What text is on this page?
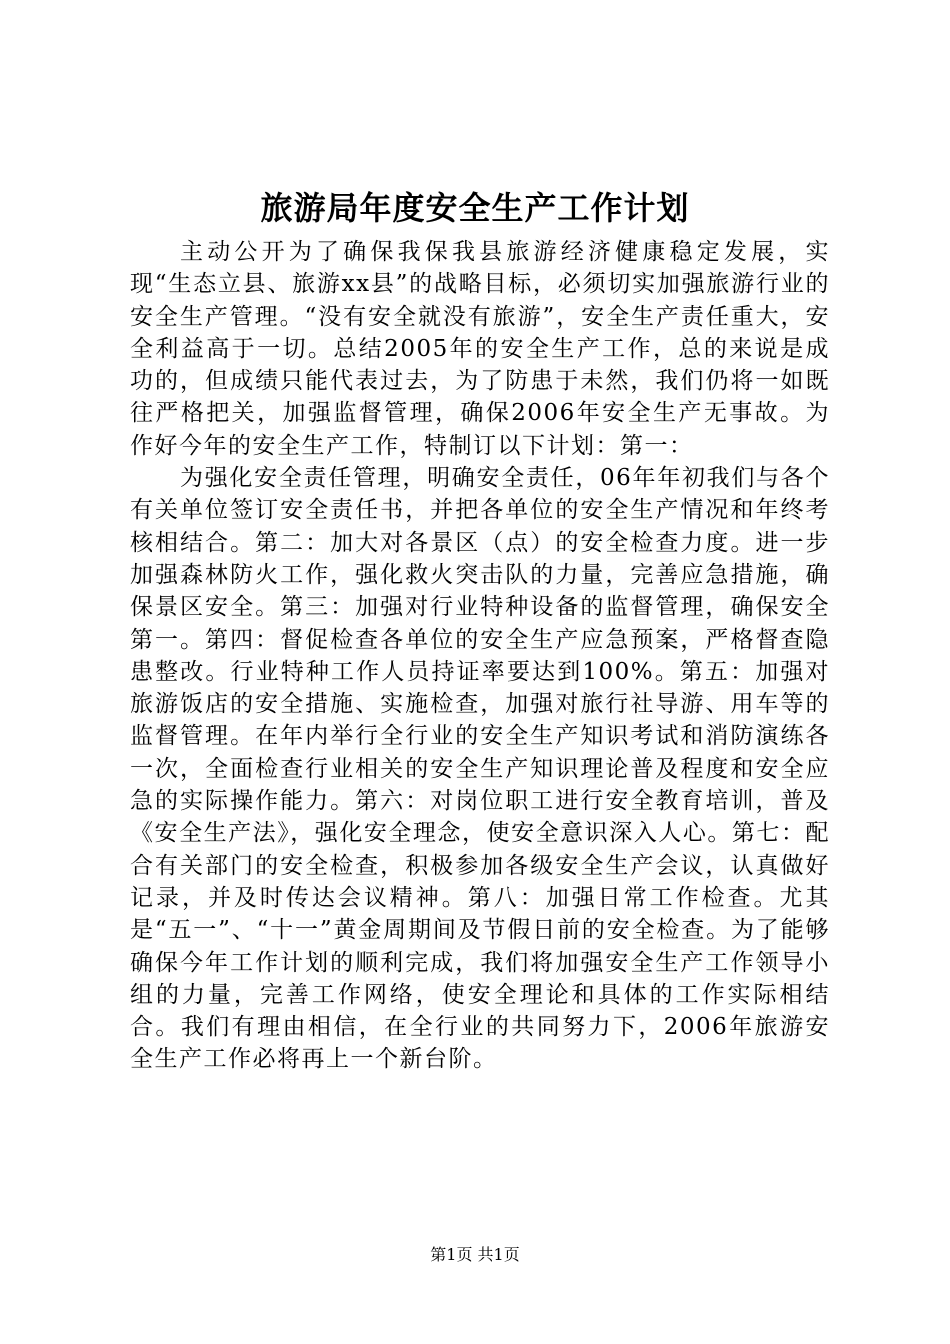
旅游局年度安全生产工作计划

主动公开为了确保我保我县旅游经济健康稳定发展，实现“生态立县、旅游xx县”的战略目标，必须切实加强旅游行业的安全生产管理。“没有安全就没有旅游”，安全生产责任重大，安全利益高于一切。总结2005年的安全生产工作，总的来说是成功的，但成绩只能代表过去，为了防患于未然，我们仍将一如既往严格把关，加强监督管理，确保2006年安全生产无事故。为作好今年的安全生产工作，特制订以下计划：第一：

为强化安全责任管理，明确安全责任，06年年初我们与各个有关单位签订安全责任书，并把各单位的安全生产情况和年终考核相结合。第二：加大对各景区（点）的安全检查力度。进一步加强森林防火工作，强化救火突击队的力量，完善应急措施，确保景区安全。第三：加强对行业特种设备的监督管理，确保安全第一。第四：督促检查各单位的安全生产应急预案，严格督查隐患整改。行业特种工作人员持证率要达到100%。第五：加强对旅游饭店的安全措施、实施检查，加强对旅行社导游、用车等的监督管理。在年内举行全行业的安全生产知识考试和消防演练各一次，全面检查行业相关的安全生产知识理论普及程度和安全应急的实际操作能力。第六：对岗位职工进行安全教育培训，普及《安全生产法》，强化安全理念，使安全意识深入人心。第七：配合有关部门的安全检查，积极参加各级安全生产会议，认真做好记录，并及时传达会议精神。第八：加强日常工作检查。尤其是“五一”、“十一”黄金周期间及节假日前的安全检查。为了能够确保今年工作计划的顺利完成，我们将加强安全生产工作领导小组的力量，完善工作网络，使安全理论和具体的工作实际相结合。我们有理由相信，在全行业的共同努力下，2006年旅游安全生产工作必将再上一个新台阶。

第1页 共1页
